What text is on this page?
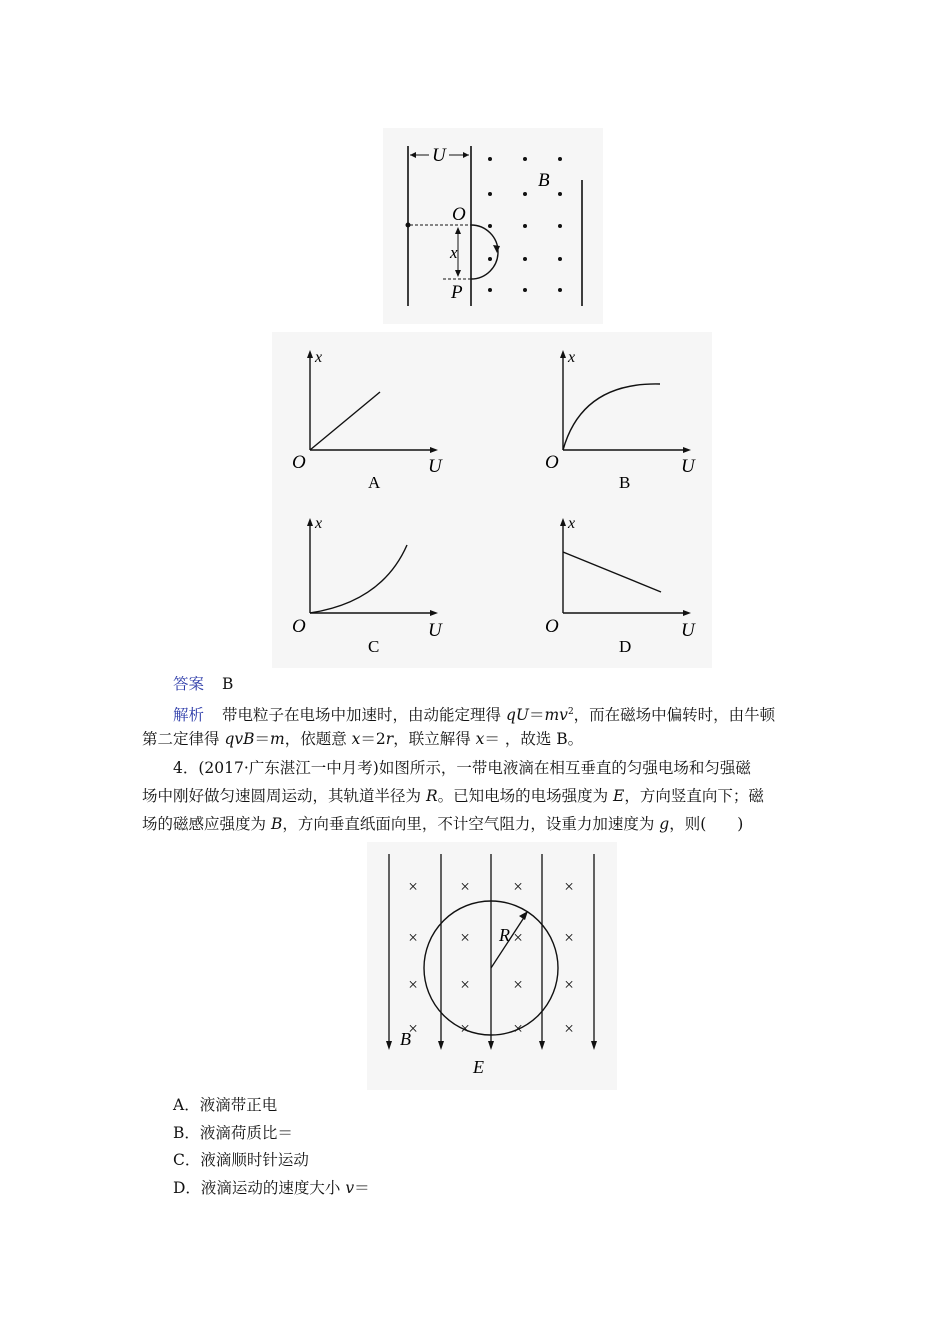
U
B
O
x
P
x
O	U
A
x
O	U
B
x
O	U
C
x
O	U
D
答案 B
解析 带电粒子在电场中加速时，由动能定理得 $qU=mv^2$，而在磁场中偏转时，由牛顿
第二定律得 qvB＝m，依题意 x＝2r，联立解得 x＝ ，故选 B。
4．(2017·广东湛江一中月考)如图所示，一带电液滴在相互垂直的匀强电场和匀强磁
场中刚好做匀速圆周运动，其轨道半径为 R。已知电场的电场强度为 E，方向竖直向下；磁
场的磁感应强度为 B，方向垂直纸面向里，不计空气阻力，设重力加速度为 g，则(　　)
× ×	× ×
× ×	× ×
× ×	× ×
× ×	× ×
R
B
E
A．液滴带正电
B．液滴荷质比＝
C．液滴顺时针运动
D．液滴运动的速度大小 v＝
